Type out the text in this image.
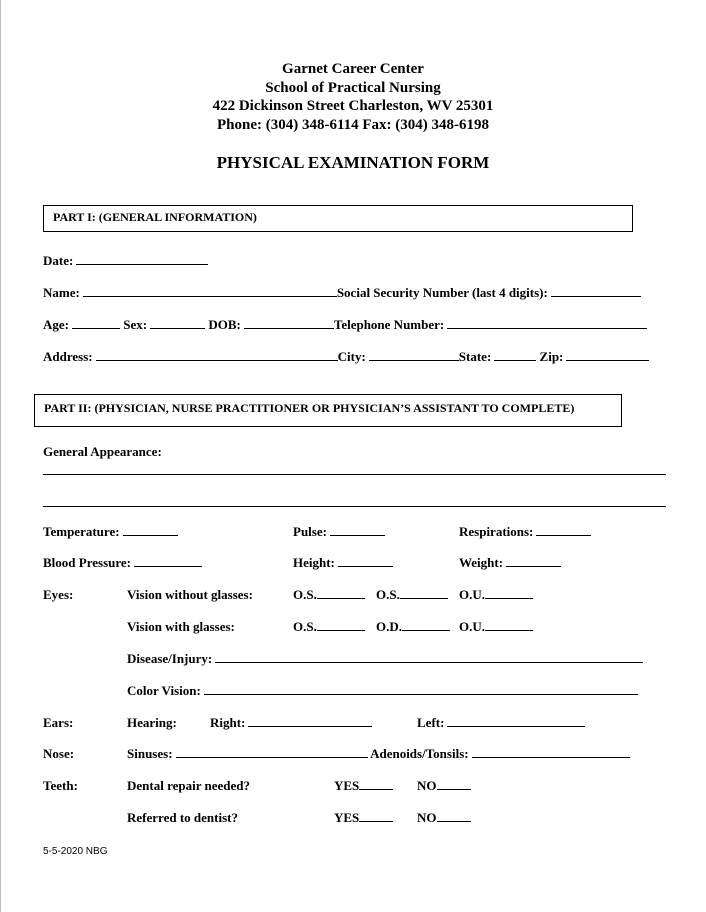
Garnet Career Center
School of Practical Nursing
422 Dickinson Street Charleston, WV 25301
Phone: (304) 348-6114 Fax: (304) 348-6198
PHYSICAL EXAMINATION FORM
PART I: (GENERAL INFORMATION)
Date:
Name:	Social Security Number (last 4 digits):
Age:	Sex:	DOB:	Telephone Number:
Address:	City:	State:	Zip:
PART II: (PHYSICIAN, NURSE PRACTITIONER OR PHYSICIAN’S ASSISTANT TO COMPLETE)
General Appearance:
Temperature:	Pulse:	Respirations:
Blood Pressure:	Height:	Weight:
Eyes:	Vision without glasses:	O.S.	O.S.	O.U.
Vision with glasses:	O.S.	O.D.	O.U.
Disease/Injury:
Color Vision:
Ears:	Hearing:	Right:	Left:
Nose:	Sinuses:	Adenoids/Tonsils:
Teeth:	Dental repair needed?	YES	NO
Referred to dentist?	YES	NO
5-5-2020 NBG
